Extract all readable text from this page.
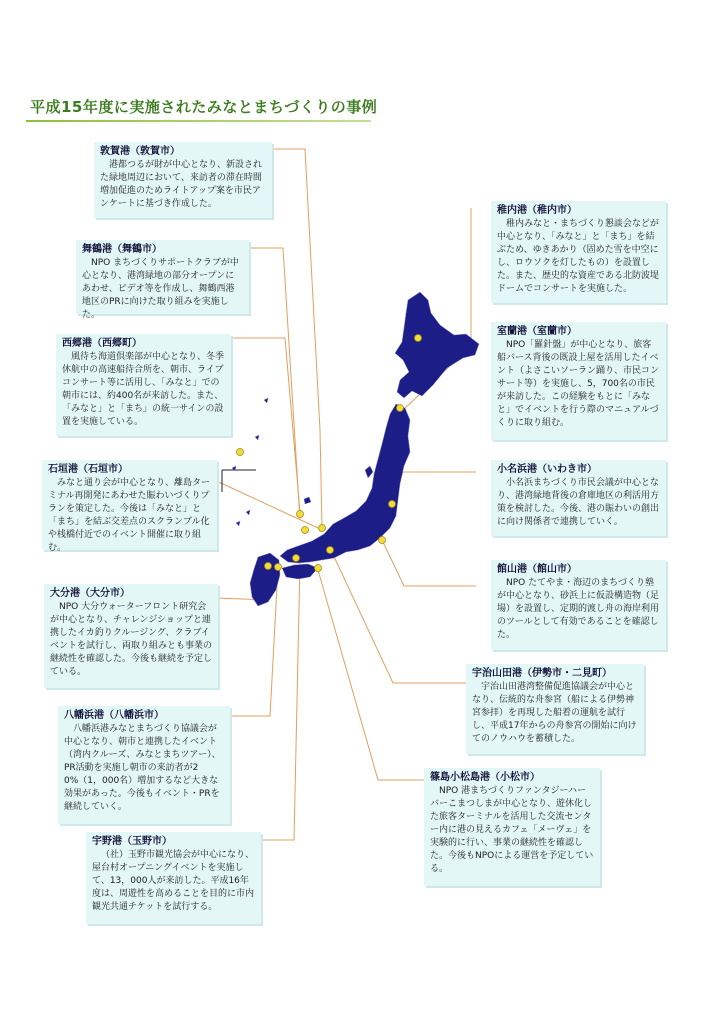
平成15年度に実施されたみなとまちづくりの事例
敦賀港（敦賀市）
港都つるが財が中心となり、新設された緑地周辺において、来訪者の滞在時間増加促進のためライトアップ案を市民アンケートに基づき作成した。
舞鶴港（舞鶴市）
NPO まちづくりサポートクラブが中心となり、港湾緑地の部分オープンにあわせ、ビデオ等を作成し、舞鶴西港地区のPRに向けた取り組みを実施した。
西郷港（西郷町）
風待ち海道倶楽部が中心となり、冬季休航中の高速船待合所を、朝市、ライブコンサート等に活用し、「みなと」での朝市には、約400名が来訪した。また、「みなと」と「まち」の統一サインの設置を実施している。
石垣港（石垣市）
みなと通り会が中心となり、離島ターミナル再開発にあわせた賑わいづくりプランを策定した。今後は「みなと」と「まち」を結ぶ交差点のスクランブル化や桟橋付近でのイベント開催に取り組む。
大分港（大分市）
NPO 大分ウォーターフロント研究会が中心となり、チャレンジショップと連携したイカ釣りクルージング、クラブイベントを試行し、両取り組みとも事業の継続性を確認した。今後も継続を予定している。
八幡浜港（八幡浜市）
八幡浜港みなとまちづくり協議会が中心となり、朝市と連携したイベント（湾内クルーズ、みなとまちツアー）、PR活動を実施し朝市の来訪者が20%（1，000名）増加するなど大きな効果があった。今後もイベント・PRを継続していく。
宇野港（玉野市）
（社）玉野市観光協会が中心になり、屋台村オープニングイベントを実施して、13，000人が来訪した。平成16年度は、周遊性を高めることを目的に市内観光共通チケットを試行する。
稚内港（稚内市）
稚内みなと・まちづくり懇談会などが中心となり、「みなと」と「まち」を結ぶため、ゆきあかり（固めた雪を中空にし、ロウソクを灯したもの）を設置した。また、歴史的な資産である北防波堤ドームでコンサートを実施した。
室蘭港（室蘭市）
NPO「羅針盤」が中心となり、旅客船バース背後の既設上屋を活用したイベント（よさこいソーラン踊り、市民コンサート等）を実施し、5，700名の市民が来訪した。この経験をもとに「みなと」でイベントを行う際のマニュアルづくりに取り組む。
小名浜港（いわき市）
小名浜まちづくり市民会議が中心となり、港湾緑地背後の倉庫地区の利活用方策を検討した。今後、港の賑わいの創出に向け関係者で連携していく。
館山港（館山市）
NPO たてやま・海辺のまちづくり塾が中心となり、砂浜上に仮設構造物（足場）を設置し、定期的渡し舟の海岸利用のツールとして有効であることを確認した。
宇治山田港（伊勢市・二見町）
宇治山田港湾整備促進協議会が中心となり、伝統的な舟参宮（船による伊勢神宮参拝）を再現した船着の運航を試行し、平成17年からの舟参宮の開始に向けてのノウハウを蓄積した。
篠島小松島港（小松市）
NPO 港まちづくりファンタジーハーバーこまつしまが中心となり、遊休化した旅客ターミナルを活用した交流センター内に港の見えるカフェ「メーヴェ」を実験的に行い、事業の継続性を確認した。今後もNPOによる運営を予定している。
